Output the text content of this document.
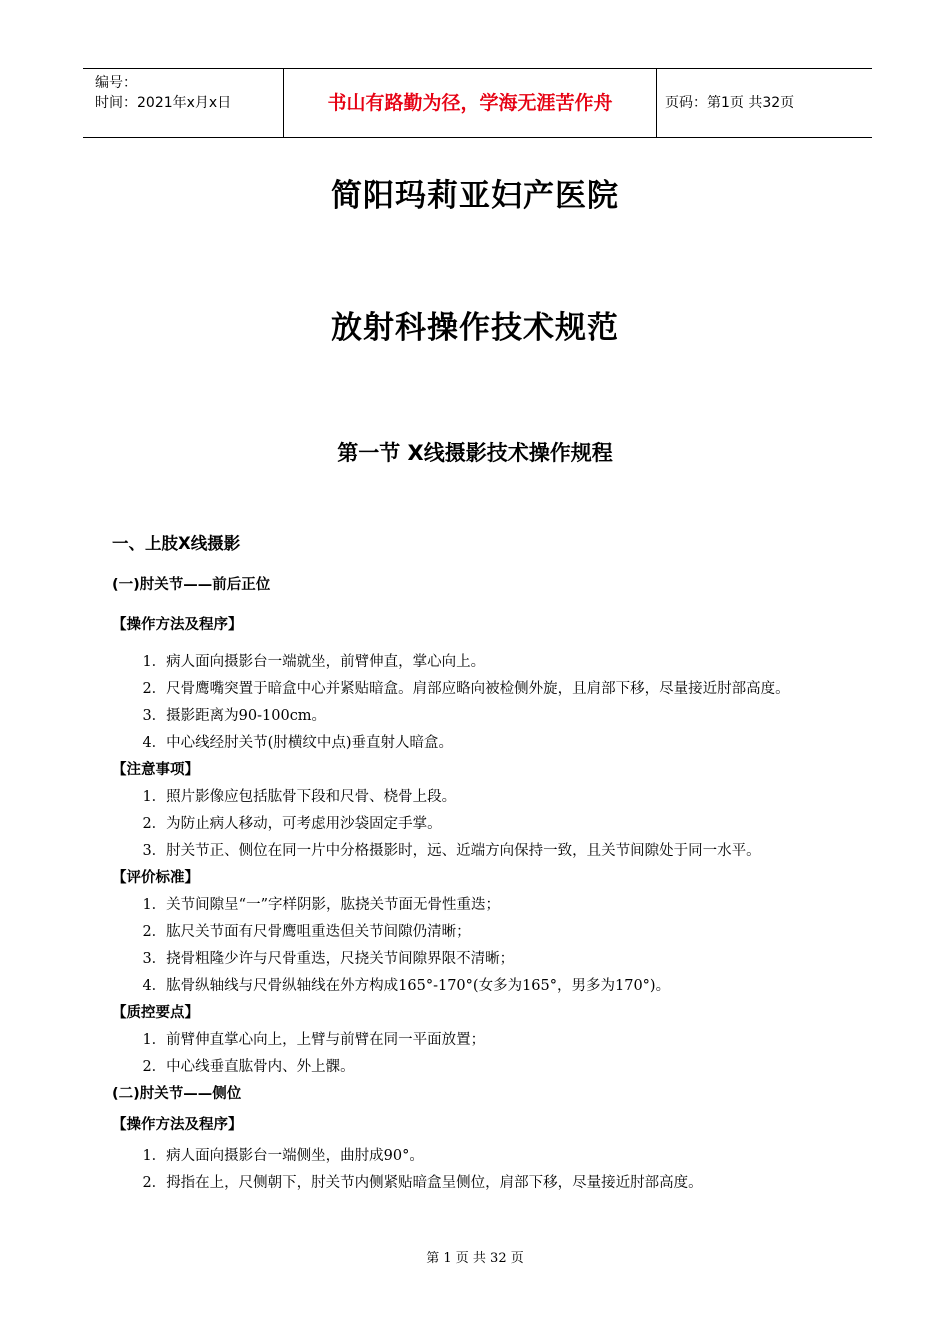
编号：
时间：2021年x月x日	书山有路勤为径，学海无涯苦作舟	页码：第1页 共32页
简阳玛莉亚妇产医院
放射科操作技术规范
第一节 X线摄影技术操作规程
一、上肢X线摄影
(一)肘关节——前后正位
【操作方法及程序】
1．病人面向摄影台一端就坐，前臂伸直，掌心向上。
2．尺骨鹰嘴突置于暗盒中心并紧贴暗盒。肩部应略向被检侧外旋，且肩部下移，尽量接近肘部高度。
3．摄影距离为90-100cm。
4．中心线经肘关节(肘横纹中点)垂直射人暗盒。
【注意事项】
1．照片影像应包括肱骨下段和尺骨、桡骨上段。
2．为防止病人移动，可考虑用沙袋固定手掌。
3．肘关节正、侧位在同一片中分格摄影时，远、近端方向保持一致，且关节间隙处于同一水平。
【评价标准】
1．关节间隙呈“一”字样阴影，肱挠关节面无骨性重迭；
2．肱尺关节面有尺骨鹰咀重迭但关节间隙仍清晰；
3．挠骨粗隆少许与尺骨重迭，尺挠关节间隙界限不清晰；
4．肱骨纵轴线与尺骨纵轴线在外方构成165°-170°(女多为165°，男多为170°)。
【质控要点】
1．前臂伸直掌心向上，上臂与前臂在同一平面放置；
2．中心线垂直肱骨内、外上髁。
(二)肘关节——侧位
【操作方法及程序】
1．病人面向摄影台一端侧坐，曲肘成90°。
2．拇指在上，尺侧朝下，肘关节内侧紧贴暗盒呈侧位，肩部下移，尽量接近肘部高度。
第 1 页 共 32 页
